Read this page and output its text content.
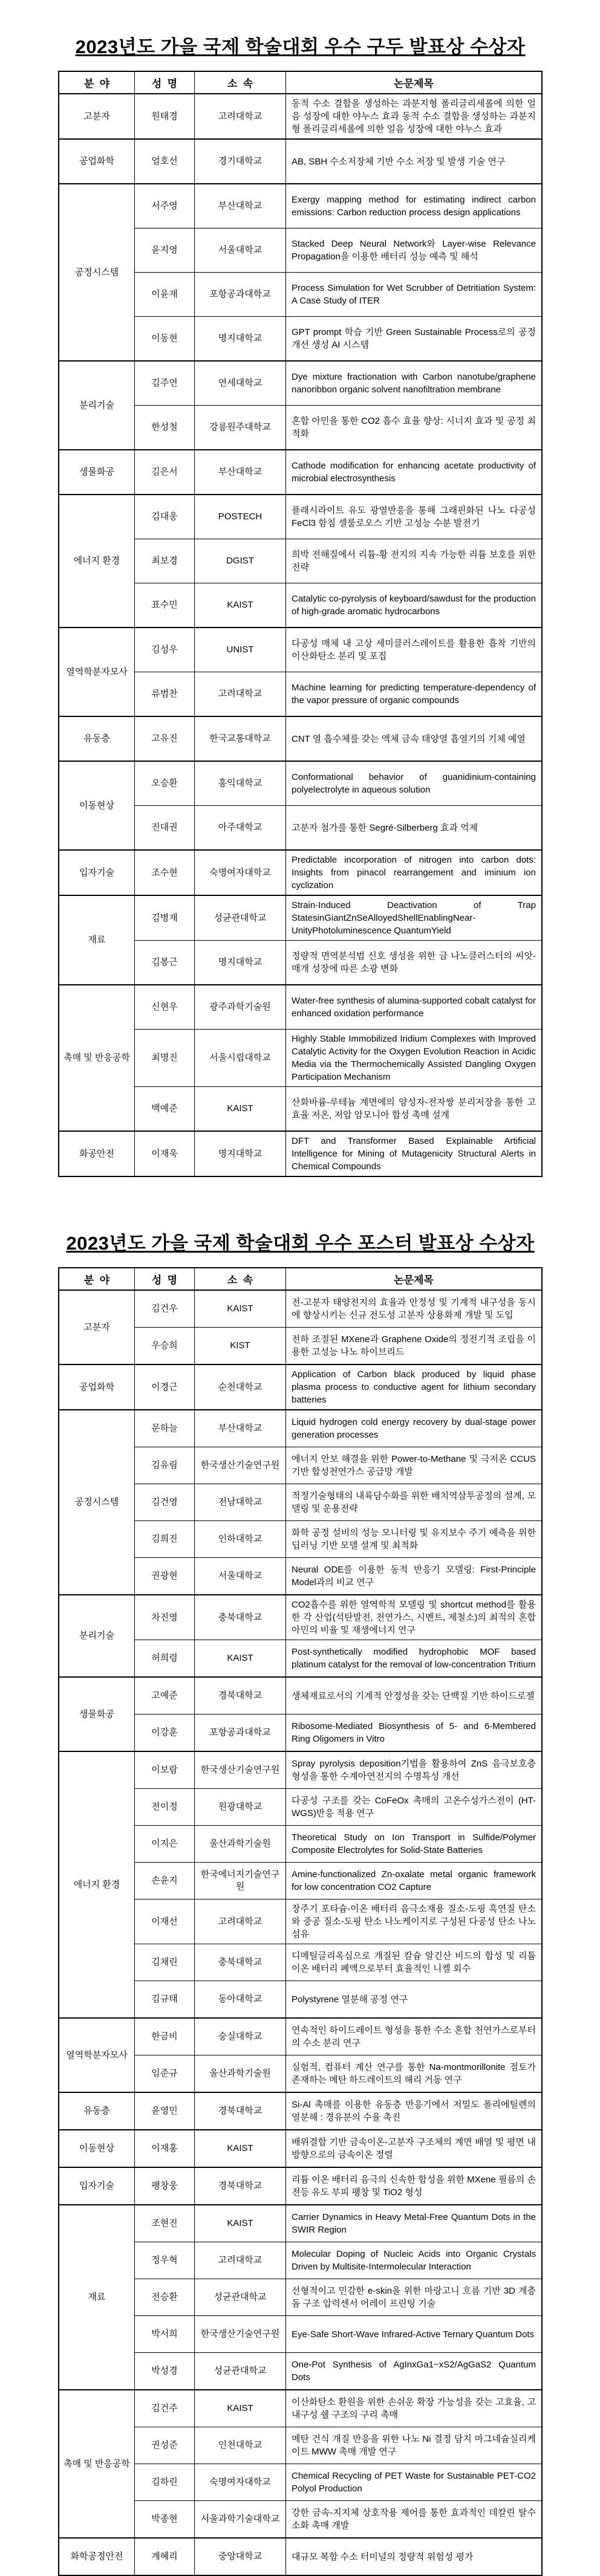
2023년도 가을 국제 학술대회 우수 구두 발표상 수상자
분  야	성  명	소  속	논문제목
고분자	원태경	고려대학교	동적 수소 결합을 생성하는 과분지형 폴리글리세롤에 의한 얼음 성장에 대한 야누스 효과 동적 수소 결합을 생성하는 과분지형 폴리글리세롤에 의한 얼음 성장에 대한 야누스 효과
공업화학	엄호선	경기대학교	AB, SBH 수소저장체 기반 수소 저장 및 발생 기술 연구
공정시스템	서주영	부산대학교	Exergy mapping method for estimating indirect carbon emissions: Carbon reduction process design applications
	윤지영	서울대학교	Stacked Deep Neural Network와 Layer-wise Relevance Propagation을 이용한 배터리 성능 예측 및 해석
	이윤재	포항공과대학교	Process Simulation for Wet Scrubber of Detritiation System: A Case Study of ITER
	이동현	명지대학교	GPT prompt 학습 기반 Green Sustainable Process로의 공정 개선 생성 AI 시스템
분리기술	김주연	연세대학교	Dye mixture fractionation with Carbon nanotube/graphene nanoribbon organic solvent nanofiltration membrane
	한성철	강릉원주대학교	혼합 아민을 통한 CO2 흡수 효율 향상: 시너지 효과 및 공정 최적화
생물화공	김은서	부산대학교	Cathode modification for enhancing acetate productivity of microbial electrosynthesis
에너지 환경	김대웅	POSTECH	플래시라이트 유도 광열반응을 통해 그래핀화된 나노 다공성 FeCl3 함침 셀룰로오스 기반 고성능 수분 발전기
	최보경	DGIST	희박 전해질에서 리튬-황 전지의 지속 가능한 리튬 보호를 위한 전략
	표수민	KAIST	Catalytic co-pyrolysis of keyboard/sawdust for the production of high-grade aromatic hydrocarbons
열역학분자모사	김성우	UNIST	다공성 매체 내 고상 세미클러스레이트를 활용한 흡착 기반의 이산화탄소 분리 및 포집
	류범찬	고려대학교	Machine learning for predicting temperature-dependency of the vapor pressure of organic compounds
유동층	고유진	한국교통대학교	CNT 열 흡수체를 갖는 액체 금속 태양열 흡열기의 기체 예열
이동현상	오승환	홍익대학교	Conformational behavior of guanidinium-containing polyelectrolyte in aqueous solution
	진대권	아주대학교	고분자 첨가를 통한 Segré-Silberberg 효과 억제
입자기술	조수현	숙명여자대학교	Predictable incorporation of nitrogen into carbon dots: Insights from pinacol rearrangement and iminium ion cyclization
재료	김병재	성균관대학교	Strain-Induced Deactivation of Trap StatesinGiantZnSeAlloyedShellEnablingNear-UnityPhotoluminescence QuantumYield
	김봉근	명지대학교	정량적 면역분석법 신호 생성을 위한 금 나노클러스터의 씨앗-매개 성장에 따른 소광 변화
촉매 및 반응공학	신현우	광주과학기술원	Water-free synthesis of alumina-supported cobalt catalyst for enhanced oxidation performance
	최명진	서울시립대학교	Highly Stable Immobilized Iridium Complexes with Improved Catalytic Activity for the Oxygen Evolution Reaction in Acidic Media via the Thermochemically Assisted Dangling Oxygen Participation Mechanism
	백예준	KAIST	산화바륨-루테늄 계면에의 양성자-전자쌍 분리저장을 통한 고효율 저온, 저압 암모니아 합성 촉매 설계
화공안전	이재욱	명지대학교	DFT and Transformer Based Explainable Artificial Intelligence for Mining of Mutagenicity Structural Alerts in Chemical Compounds
2023년도 가을 국제 학술대회 우수 포스터 발표상 수상자
분  야	성  명	소  속	논문제목
고분자	김건우	KAIST	전-고분자 태양전지의 효율과 안정성 및 기계적 내구성을 동시에 향상시키는 신규 전도성 고분자 상용화제 개발 및 도입
	우승희	KIST	전하 조절된 MXene과 Graphene Oxide의 정전기적 조립을 이용한 고성능 나노 하이브리드
공업화학	이경근	순천대학교	Application of Carbon black produced by liquid phase plasma process to conductive agent for lithium secondary batteries
공정시스템	문하늘	부산대학교	Liquid hydrogen cold energy recovery by dual-stage power generation processes
	김유림	한국생산기술연구원	에너지 안보 해결을 위한 Power-to-Methane 및 극저온 CCUS 기반 합성천연가스 공급망 개발
	김건영	전남대학교	적정기술형태의 내륙담수화를 위한 배치역삼투공정의 설계, 모델링 및 운용전략
	김희진	인하대학교	화학 공정 설비의 성능 모니터링 및 유지보수 주기 예측을 위한 딥러닝 기반 모델 설계 및 최적화
	권광현	서울대학교	Neural ODE를 이용한 동적 반응기 모델링: First-Principle Model과의 비교 연구
분리기술	차진영	충북대학교	CO2흡수를 위한 열역학적 모델링 및 shortcut method를 활용한 각 산업(석탄발전, 천연가스, 시멘트, 제철소)의 최적의 혼합 아민의 비율 및 재생에너지 연구
	허희령	KAIST	Post-synthetically modified hydrophobic MOF based platinum catalyst for the removal of low-concentration Tritium
생물화공	고예준	경북대학교	생체재료로서의 기계적 안정성을 갖는 단백질 기반 하이드로젤
	이강훈	포항공과대학교	Ribosome-Mediated Biosynthesis of 5- and 6-Membered Ring Oligomers in Vitro
에너지 환경	이보람	한국생산기술연구원	Spray pyrolysis deposition기법을 활용하여 ZnS 음극보호층 형성을 통한 수계아연전지의 수명특성 개선
	전이정	원광대학교	다공성 구조를 갖는 CoFeOx 촉매의 고온수성가스전이 (HT-WGS)반응 적용 연구
	이지은	울산과학기술원	Theoretical Study on Ion Transport in Sulfide/Polymer Composite Electrolytes for Solid-State Batteries
	손윤지	한국에너지기술연구원	Amine-functionalized Zn-oxalate metal organic framework for low concentration CO2 Capture
	이재선	고려대학교	장주기 포타슘-이온 배터리 음극소재용 질소-도핑 흑연질 탄소와 중공 질소-도핑 탄소 나노케이지로 구성된 다공성 탄소 나노섬유
	김채린	충북대학교	디메틸글리옥심으로 개질된 칼슘 알긴산 비드의 합성 및 리튬 이온 배터리 폐액으로부터 효율적인 니켈 회수
	김규태	동아대학교	Polystyrene 열분해 공정 연구
열역학분자모사	한금비	숭실대학교	연속적인 하이드레이트 형성을 통한 수소 혼합 천연가스로부터의 수소 분리 연구
	임준규	울산과학기술원	실험적, 컴퓨터 계산 연구를 통한 Na-montmorillonite 점토가 존재하는 메탄 하드레이트의 해리 거동 연구
유동층	윤영민	경북대학교	Si-Al 촉매를 이용한 유동층 반응기에서 저밀도 폴리에틸렌의 열분해 : 경유분의 수율 촉진
이동현상	이재홍	KAIST	배위결합 기반 금속이온-고분자 구조체의 계면 배열 및 평면 내 방향으로의 금속이온 정렬
입자기술	팽창웅	경북대학교	리튬 이온 배터리 음극의 신속한 합성을 위한 MXene 필름의 손전등 유도 부피 팽창 및 TiO2 형성
재료	조현진	KAIST	Carrier Dynamics in Heavy Metal-Free Quantum Dots in the SWIR Region
	정우혁	고려대학교	Molecular Doping of Nucleic Acids into Organic Crystals Driven by Multisite-Intermolecular Interaction
	전승환	성균관대학교	선형적이고 민감한 e-skin을 위한 마랑고니 흐름 기반 3D 계층돔 구조 압력센서 어레이 프린팅 기술
	박서희	한국생산기술연구원	Eye-Safe Short-Wave Infrared-Active Ternary Quantum Dots
	박성경	성균관대학교	One-Pot Synthesis of AgInxGa1−xS2/AgGaS2 Quantum Dots
촉매 및 반응공학	김건주	KAIST	이산화탄소 환원을 위한 손쉬운 확장 가능성을 갖는 고효율, 고내구성 쉘 구조의 구리 촉매
	권성준	인천대학교	메탄 건식 개질 반응을 위한 나노 Ni 결정 담지 마그네슘실리케이트 MWW 촉매 개발 연구
	김하린	숙명여자대학교	Chemical Recycling of PET Waste for Sustainable PET-CO2 Polyol Production
	박종현	서울과학기술대학교	강한 금속-지지체 상호작용 제어를 통한 효과적인 데칼린 탈수소화 촉매 개발
화학공정안전	계혜리	중앙대학교	대규모 복합 수소 터미널의 정량적 위험성 평가
